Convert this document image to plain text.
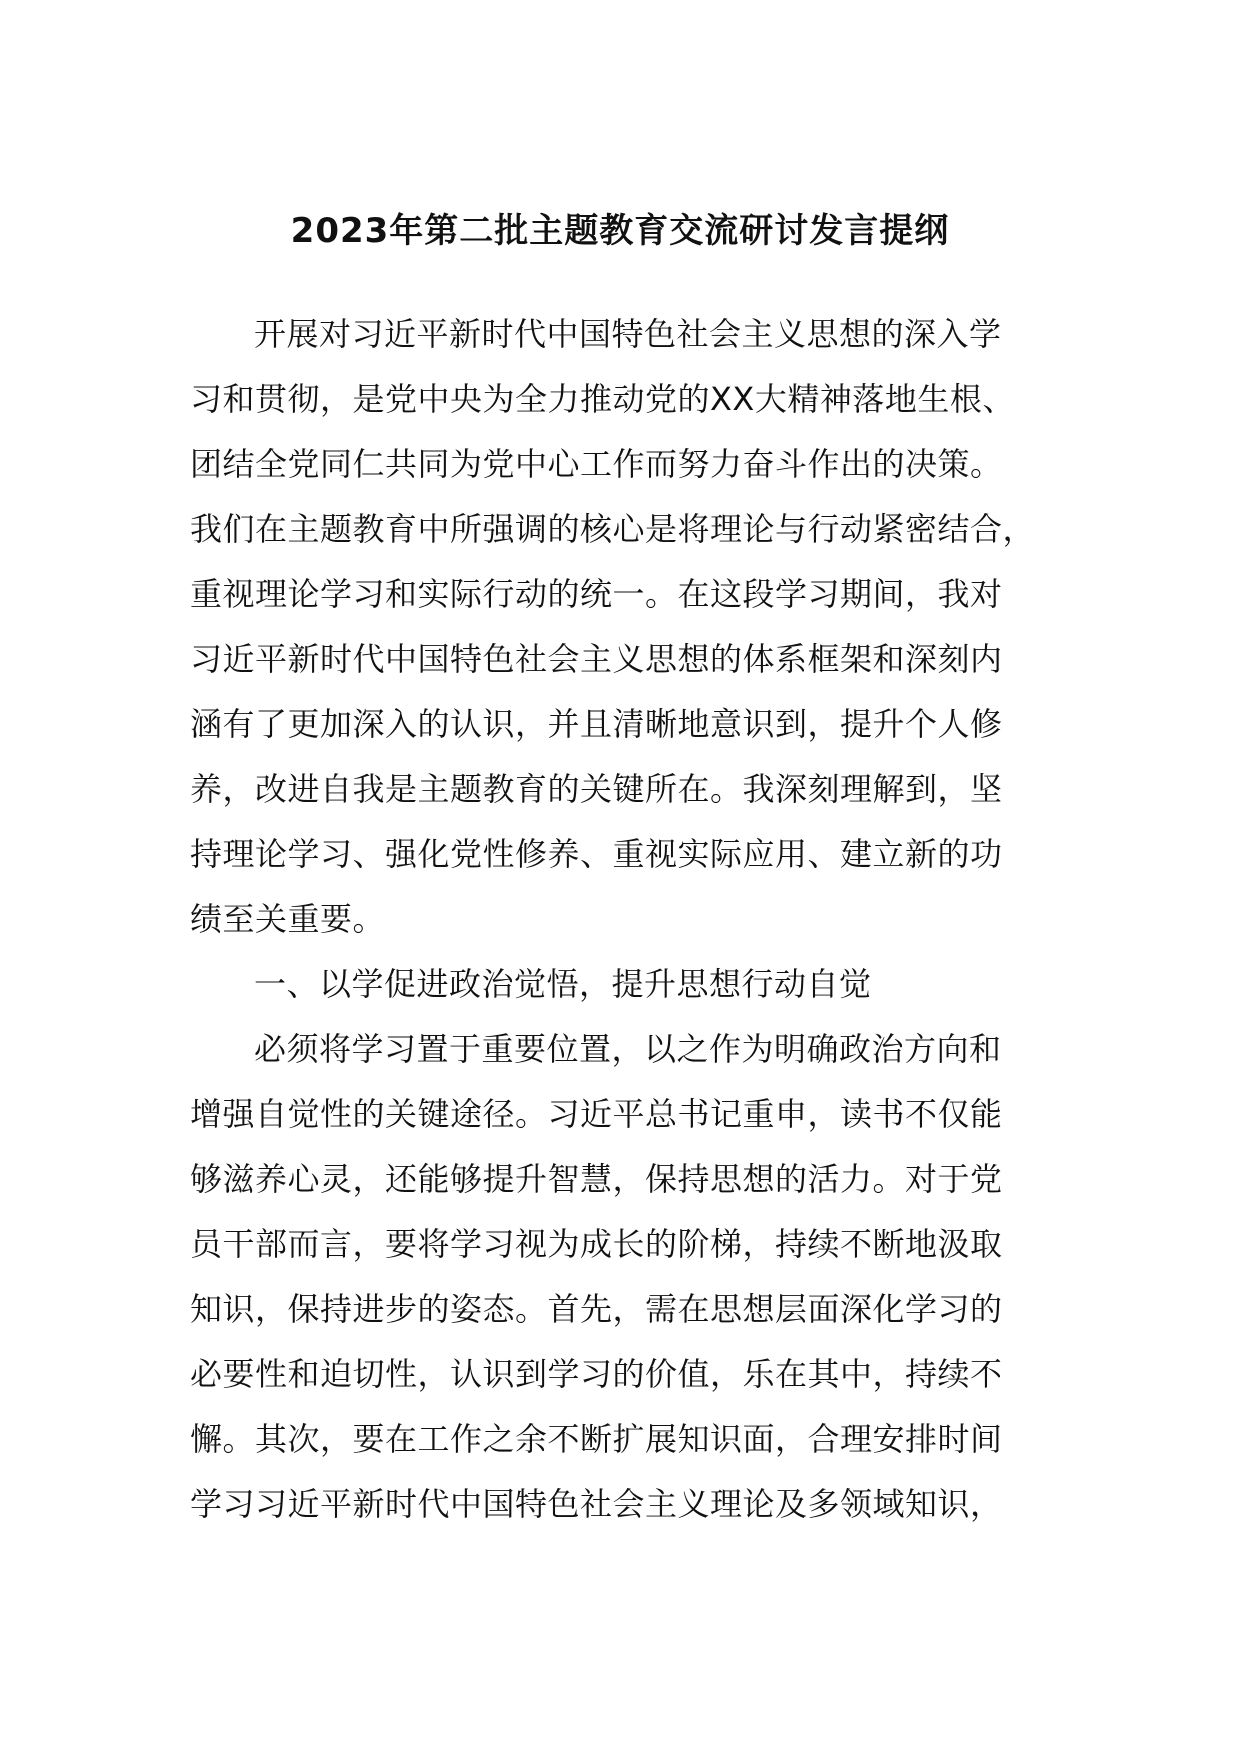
2023年第二批主题教育交流研讨发言提纲
开展对习近平新时代中国特色社会主义思想的深入学
习和贯彻，是党中央为全力推动党的XX大精神落地生根、
团结全党同仁共同为党中心工作而努力奋斗作出的决策。
我们在主题教育中所强调的核心是将理论与行动紧密结合，
重视理论学习和实际行动的统一。在这段学习期间，我对
习近平新时代中国特色社会主义思想的体系框架和深刻内
涵有了更加深入的认识，并且清晰地意识到，提升个人修
养，改进自我是主题教育的关键所在。我深刻理解到，坚
持理论学习、强化党性修养、重视实际应用、建立新的功
绩至关重要。
一、以学促进政治觉悟，提升思想行动自觉
必须将学习置于重要位置，以之作为明确政治方向和
增强自觉性的关键途径。习近平总书记重申，读书不仅能
够滋养心灵，还能够提升智慧，保持思想的活力。对于党
员干部而言，要将学习视为成长的阶梯，持续不断地汲取
知识，保持进步的姿态。首先，需在思想层面深化学习的
必要性和迫切性，认识到学习的价值，乐在其中，持续不
懈。其次，要在工作之余不断扩展知识面，合理安排时间
学习习近平新时代中国特色社会主义理论及多领域知识，
